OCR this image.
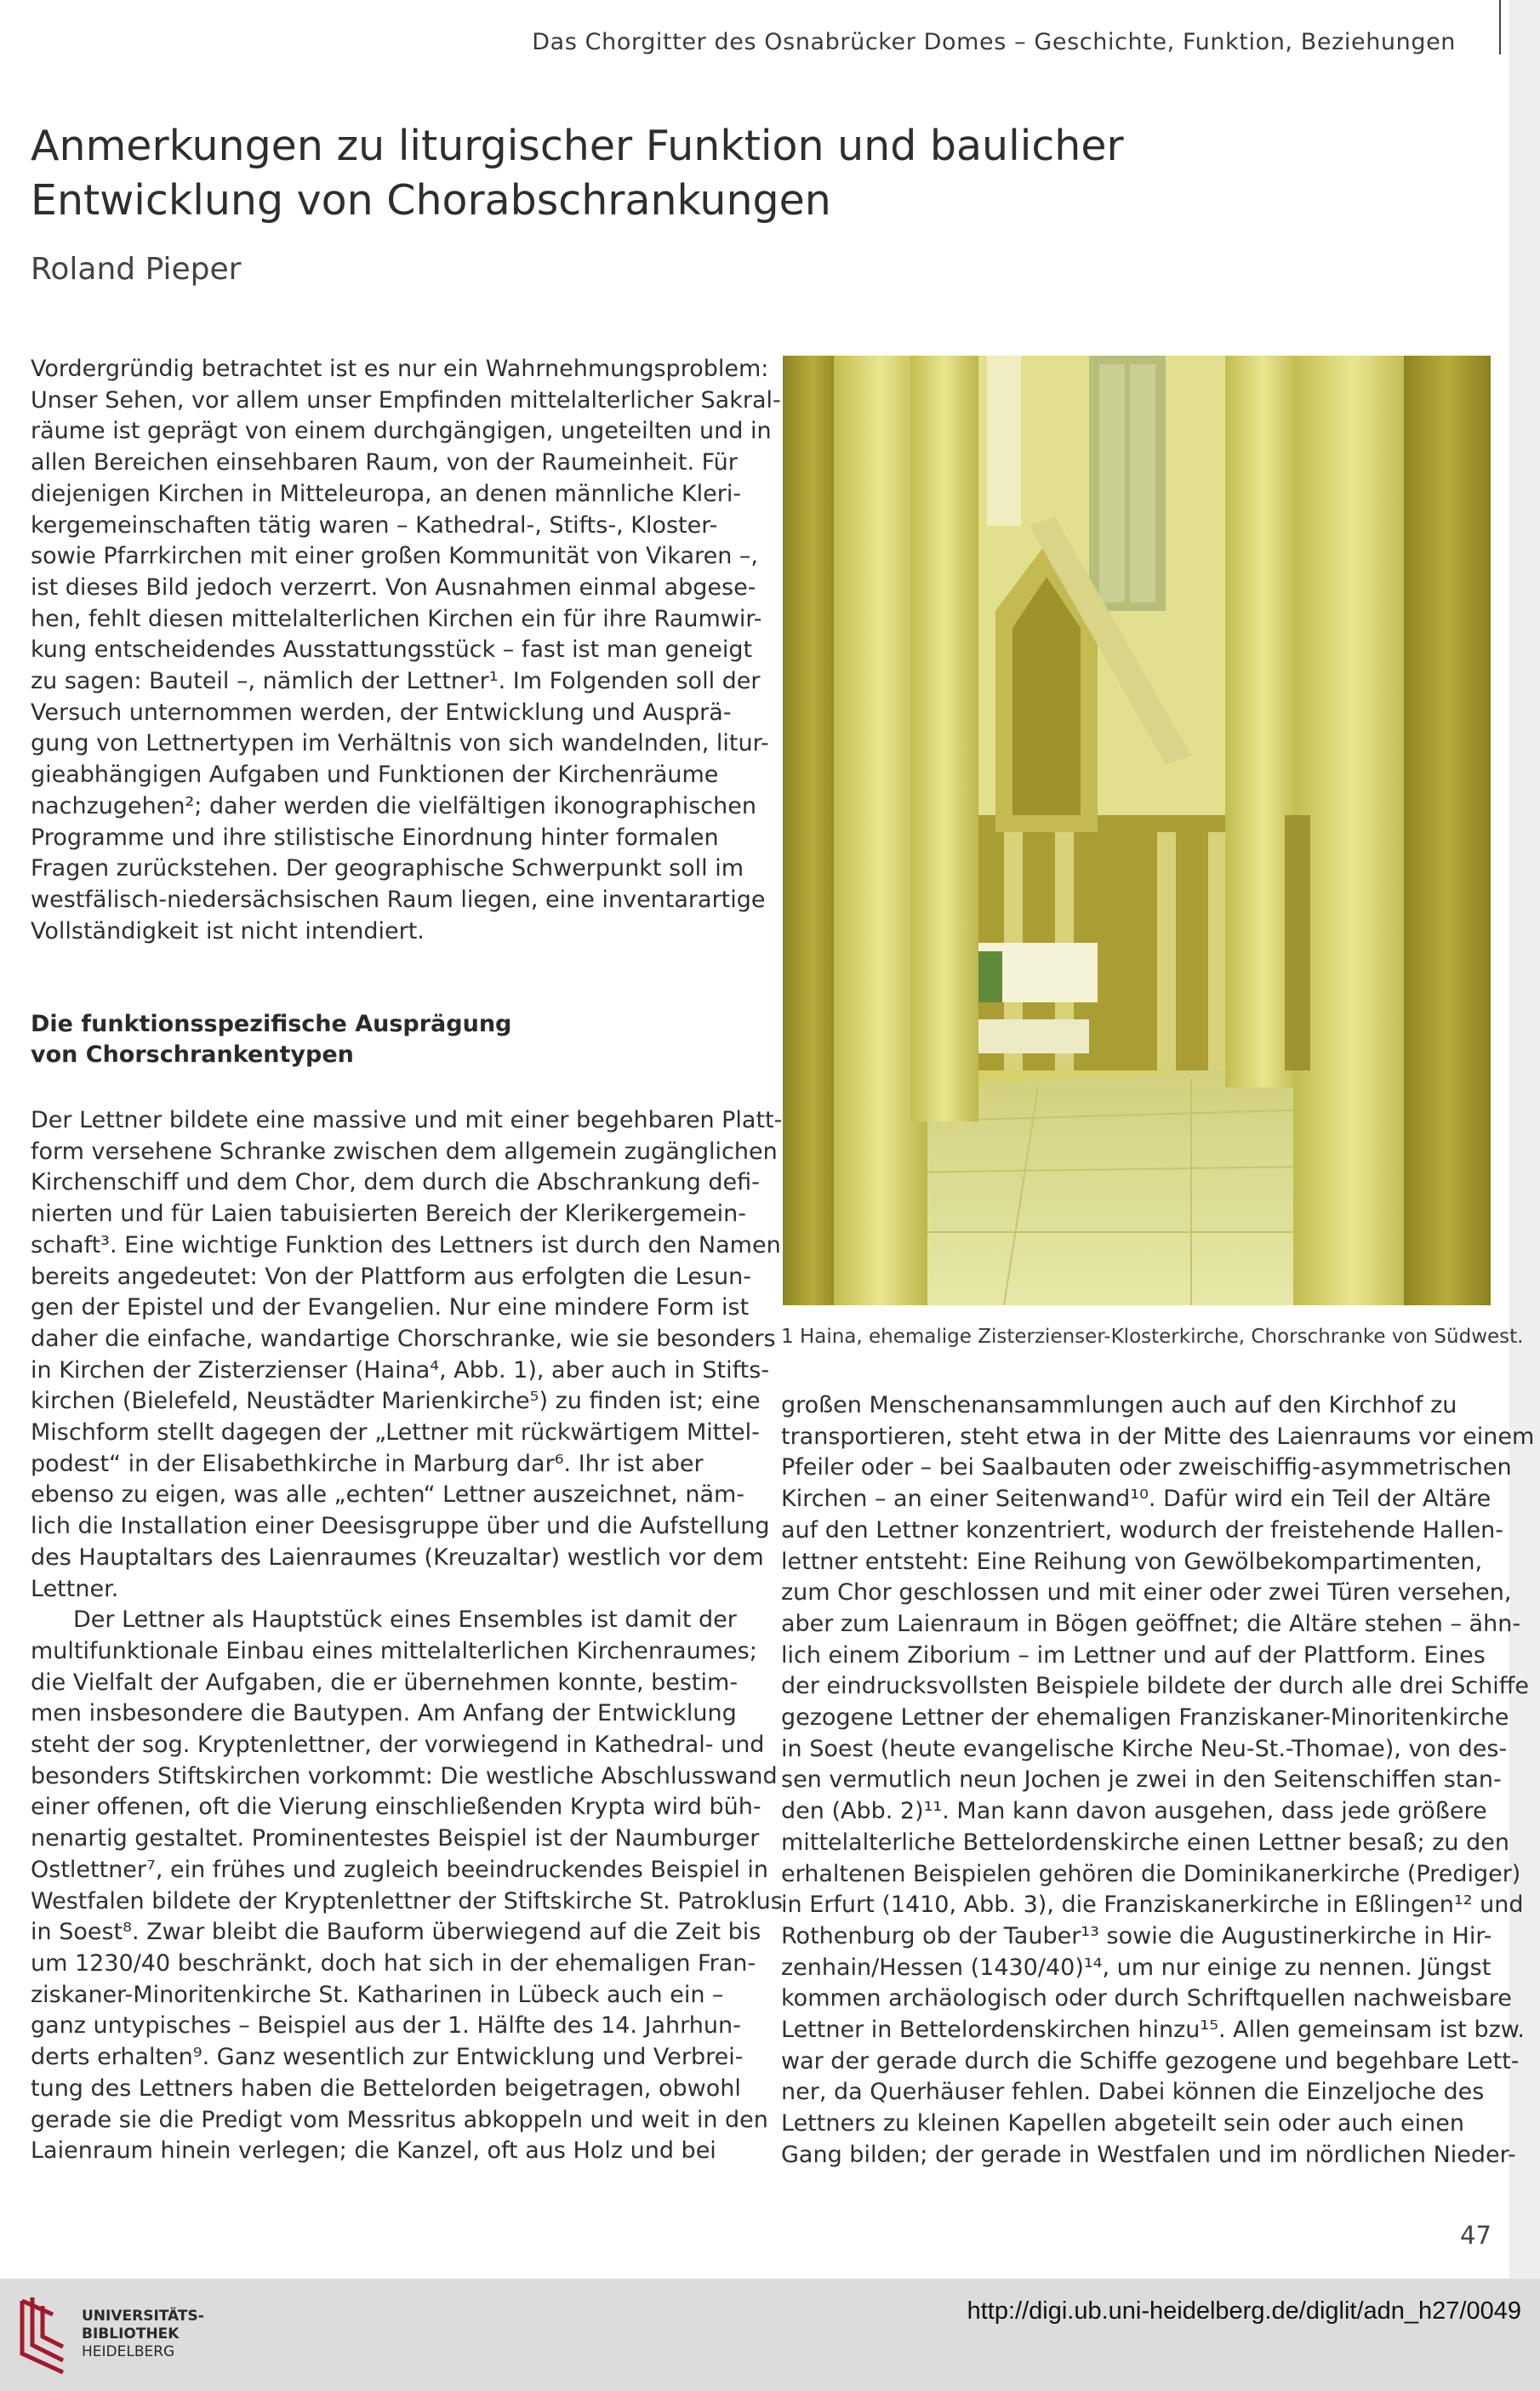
Das Chorgitter des Osnabrücker Domes – Geschichte, Funktion, Beziehungen
Anmerkungen zu liturgischer Funktion und baulicher
Entwicklung von Chorabschrankungen
Roland Pieper
Vordergründig betrachtet ist es nur ein Wahrnehmungsproblem:
Unser Sehen, vor allem unser Empfinden mittelalterlicher Sakral-
räume ist geprägt von einem durchgängigen, ungeteilten und in
allen Bereichen einsehbaren Raum, von der Raumeinheit. Für
diejenigen Kirchen in Mitteleuropa, an denen männliche Kleri-
kergemeinschaften tätig waren – Kathedral-, Stifts-, Kloster-
sowie Pfarrkirchen mit einer großen Kommunität von Vikaren –,
ist dieses Bild jedoch verzerrt. Von Ausnahmen einmal abgese-
hen, fehlt diesen mittelalterlichen Kirchen ein für ihre Raumwir-
kung entscheidendes Ausstattungsstück – fast ist man geneigt
zu sagen: Bauteil –, nämlich der Lettner¹. Im Folgenden soll der
Versuch unternommen werden, der Entwicklung und Ausprä-
gung von Lettnertypen im Verhältnis von sich wandelnden, litur-
gieabhängigen Aufgaben und Funktionen der Kirchenräume
nachzugehen²; daher werden die vielfältigen ikonographischen
Programme und ihre stilistische Einordnung hinter formalen
Fragen zurückstehen. Der geographische Schwerpunkt soll im
westfälisch-niedersächsischen Raum liegen, eine inventarartige
Vollständigkeit ist nicht intendiert.
Die funktionsspezifische Ausprägung
von Chorschrankentypen
Der Lettner bildete eine massive und mit einer begehbaren Platt-
form versehene Schranke zwischen dem allgemein zugänglichen
Kirchenschiff und dem Chor, dem durch die Abschrankung defi-
nierten und für Laien tabuisierten Bereich der Klerikergemein-
schaft³. Eine wichtige Funktion des Lettners ist durch den Namen
bereits angedeutet: Von der Plattform aus erfolgten die Lesun-
gen der Epistel und der Evangelien. Nur eine mindere Form ist
daher die einfache, wandartige Chorschranke, wie sie besonders
in Kirchen der Zisterzienser (Haina⁴, Abb. 1), aber auch in Stifts-
kirchen (Bielefeld, Neustädter Marienkirche⁵) zu finden ist; eine
Mischform stellt dagegen der „Lettner mit rückwärtigem Mittel-
podest“ in der Elisabethkirche in Marburg dar⁶. Ihr ist aber
ebenso zu eigen, was alle „echten“ Lettner auszeichnet, näm-
lich die Installation einer Deesisgruppe über und die Aufstellung
des Hauptaltars des Laienraumes (Kreuzaltar) westlich vor dem
Lettner.
Der Lettner als Hauptstück eines Ensembles ist damit der
multifunktionale Einbau eines mittelalterlichen Kirchenraumes;
die Vielfalt der Aufgaben, die er übernehmen konnte, bestim-
men insbesondere die Bautypen. Am Anfang der Entwicklung
steht der sog. Kryptenlettner, der vorwiegend in Kathedral- und
besonders Stiftskirchen vorkommt: Die westliche Abschlusswand
einer offenen, oft die Vierung einschließenden Krypta wird büh-
nenartig gestaltet. Prominentestes Beispiel ist der Naumburger
Ostlettner⁷, ein frühes und zugleich beeindruckendes Beispiel in
Westfalen bildete der Kryptenlettner der Stiftskirche St. Patroklus
in Soest⁸. Zwar bleibt die Bauform überwiegend auf die Zeit bis
um 1230/40 beschränkt, doch hat sich in der ehemaligen Fran-
ziskaner-Minoritenkirche St. Katharinen in Lübeck auch ein –
ganz untypisches – Beispiel aus der 1. Hälfte des 14. Jahrhun-
derts erhalten⁹. Ganz wesentlich zur Entwicklung und Verbrei-
tung des Lettners haben die Bettelorden beigetragen, obwohl
gerade sie die Predigt vom Messritus abkoppeln und weit in den
Laienraum hinein verlegen; die Kanzel, oft aus Holz und bei
1 Haina, ehemalige Zisterzienser-Klosterkirche, Chorschranke von Südwest.
großen Menschenansammlungen auch auf den Kirchhof zu
transportieren, steht etwa in der Mitte des Laienraums vor einem
Pfeiler oder – bei Saalbauten oder zweischiffig-asymmetrischen
Kirchen – an einer Seitenwand¹⁰. Dafür wird ein Teil der Altäre
auf den Lettner konzentriert, wodurch der freistehende Hallen-
lettner entsteht: Eine Reihung von Gewölbekompartimenten,
zum Chor geschlossen und mit einer oder zwei Türen versehen,
aber zum Laienraum in Bögen geöffnet; die Altäre stehen – ähn-
lich einem Ziborium – im Lettner und auf der Plattform. Eines
der eindrucksvollsten Beispiele bildete der durch alle drei Schiffe
gezogene Lettner der ehemaligen Franziskaner-Minoritenkirche
in Soest (heute evangelische Kirche Neu-St.-Thomae), von des-
sen vermutlich neun Jochen je zwei in den Seitenschiffen stan-
den (Abb. 2)¹¹. Man kann davon ausgehen, dass jede größere
mittelalterliche Bettelordenskirche einen Lettner besaß; zu den
erhaltenen Beispielen gehören die Dominikanerkirche (Prediger)
in Erfurt (1410, Abb. 3), die Franziskanerkirche in Eßlingen¹² und
Rothenburg ob der Tauber¹³ sowie die Augustinerkirche in Hir-
zenhain/Hessen (1430/40)¹⁴, um nur einige zu nennen. Jüngst
kommen archäologisch oder durch Schriftquellen nachweisbare
Lettner in Bettelordenskirchen hinzu¹⁵. Allen gemeinsam ist bzw.
war der gerade durch die Schiffe gezogene und begehbare Lett-
ner, da Querhäuser fehlen. Dabei können die Einzeljoche des
Lettners zu kleinen Kapellen abgeteilt sein oder auch einen
Gang bilden; der gerade in Westfalen und im nördlichen Nieder-
47
UNIVERSITÄTS-
BIBLIOTHEK
HEIDELBERG
http://digi.ub.uni-heidelberg.de/diglit/adn_h27/0049
